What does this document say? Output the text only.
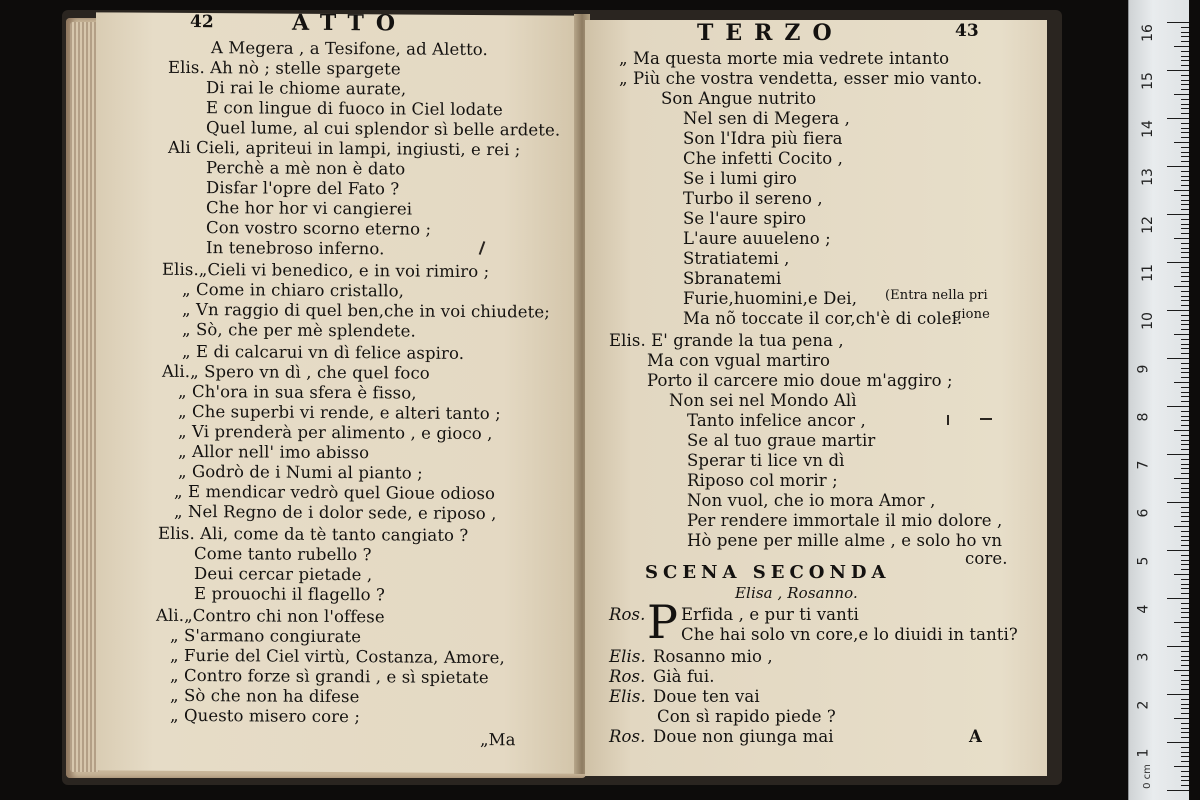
42	ATTO
A Megera , a Tesifone, ad Aletto.
Elis. Ah nò ; stelle spargete
Di rai le chiome aurate,
E con lingue di fuoco in Ciel lodate
Quel lume, al cui splendor sì belle ardete.
Ali Cieli, apriteui in lampi, ingiusti, e rei ;
Perchè a mè non è dato
Disfar l'opre del Fato ?
Che hor hor vi cangierei
Con vostro scorno eterno ;
In tenebroso inferno.
Elis.„Cieli vi benedico, e in voi rimiro ;
„ Come in chiaro cristallo,
„ Vn raggio di quel ben,che in voi chiudete;
„ Sò, che per mè splendete.
„ E di calcarui vn dì felice aspiro.
Ali.„ Spero vn dì , che quel foco
„ Ch'ora in sua sfera è fisso,
„ Che superbi vi rende, e alteri tanto ;
„ Vi prenderà per alimento , e gioco ,
„ Allor nell' imo abisso
„ Godrò de i Numi al pianto ;
„ E mendicar vedrò quel Gioue odioso
„ Nel Regno de i dolor sede, e riposo ,
Elis. Ali, come da tè tanto cangiato ?
Come tanto rubello ?
Deui cercar pietade ,
E prouochi il flagello ?
Ali.„Contro chi non l'offese
„ S'armano congiurate
„ Furie del Ciel virtù, Costanza, Amore,
„ Contro forze sì grandi , e sì spietate
„ Sò che non ha difese
„ Questo misero core ;
„Ma
TERZO	43
„ Ma questa morte mia vedrete intanto
„ Più che vostra vendetta, esser mio vanto.
Son Angue nutrito
Nel sen di Megera ,
Son l'Idra più fiera
Che infetti Cocito ,
Se i lumi giro
Turbo il sereno ,
Se l'aure spiro
L'aure auueleno ;
Stratiatemi ,
Sbranatemi
Furie,huomini,e Dei, (Entra nella pri
Ma nõ toccate il cor,ch'è di colei.
gione
Elis. E' grande la tua pena ,
Ma con vgual martiro
Porto il carcere mio doue m'aggiro ;
Non sei nel Mondo Alì
Tanto infelice ancor ,
Se al tuo graue martir
Sperar ti lice vn dì
Riposo col morir ;
Non vuol, che io mora Amor ,
Per rendere immortale il mio dolore ,
Hò pene per mille alme , e solo ho vn
core.
SCENA SECONDA
Elisa , Rosanno.
Ros. P Erfida , e pur ti vanti
Che hai solo vn core,e lo diuidi in tanti?
Elis. Rosanno mio ,
Ros. Già fui.
Elis. Doue ten vai
Con sì rapido piede ?
Ros. Doue non giunga mai	A
1
2
3
4
5
6
7
8
9
10
11
12
13
14
15
16
0 cm
